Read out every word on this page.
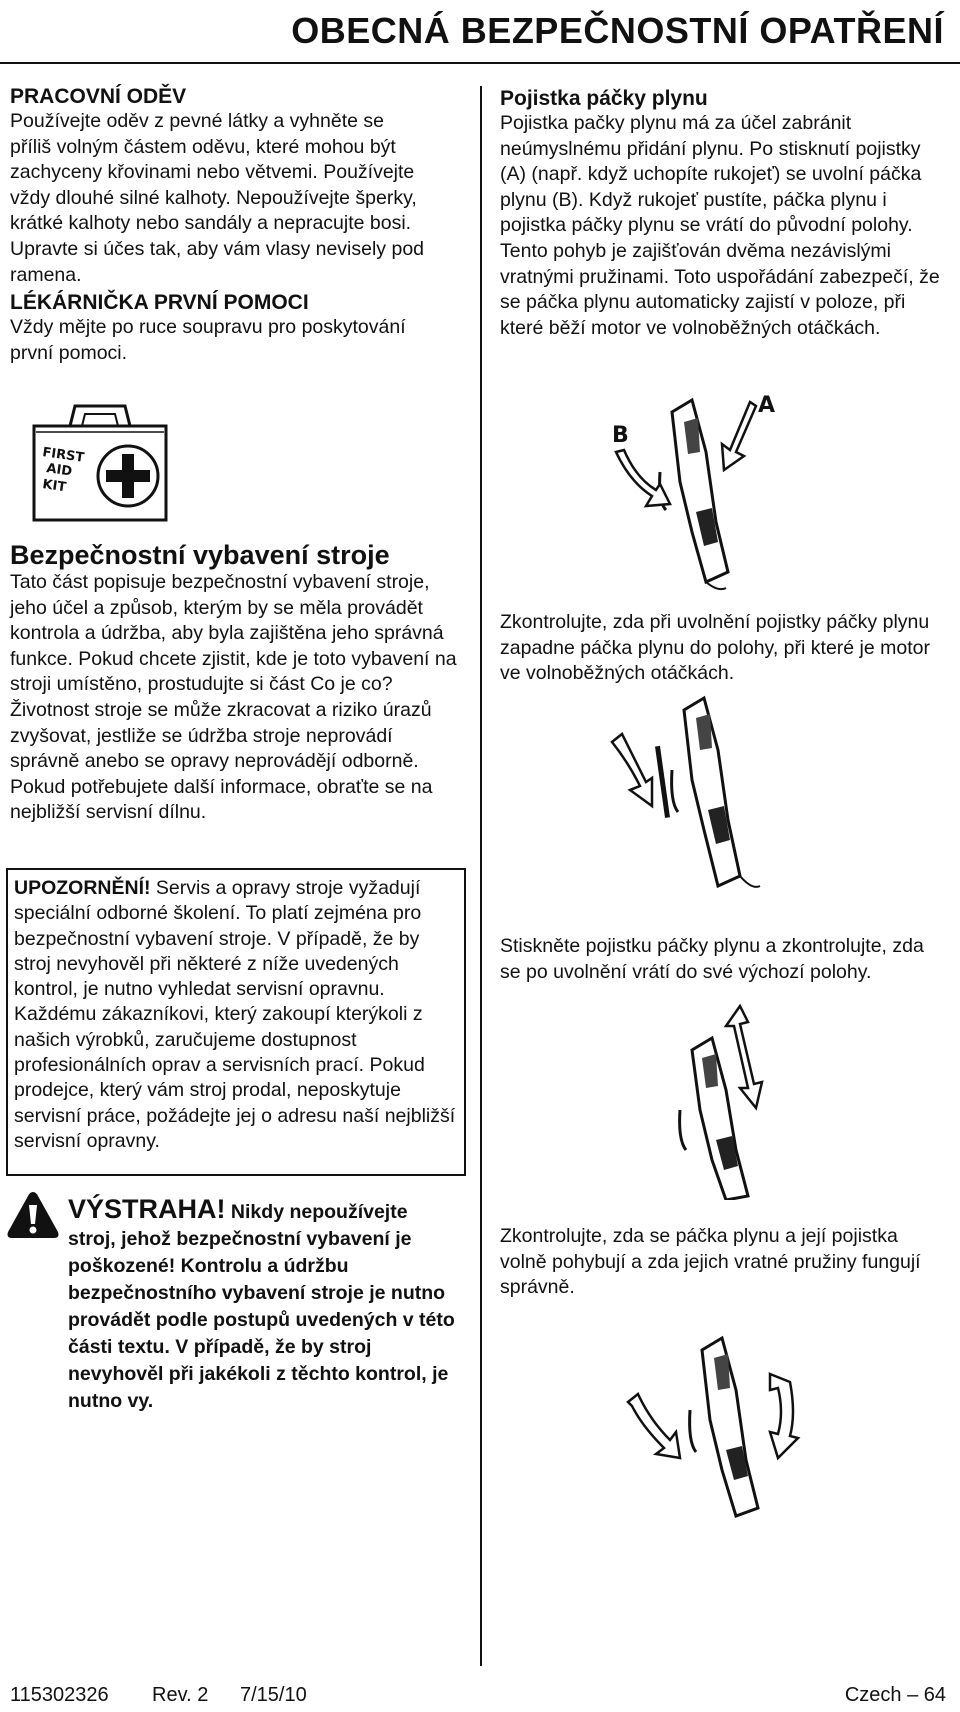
OBECNÁ BEZPEČNOSTNÍ OPATŘENÍ
PRACOVNÍ ODĚV

Používejte oděv z pevné látky a vyhněte se příliš volným částem oděvu, které mohou být zachyceny křovinami nebo větvemi. Používejte vždy dlouhé silné kalhoty. Nepoužívejte šperky, krátké kalhoty nebo sandály a nepracujte bosi. Upravte si účes tak, aby vám vlasy nevisely pod ramena.

LÉKÁRNIČKA PRVNÍ POMOCI

Vždy mějte po ruce soupravu pro poskytování první pomoci.

FIRST
AID
KIT
Bezpečnostní vybavení stroje

Tato část popisuje bezpečnostní vybavení stroje, jeho účel a způsob, kterým by se měla provádět kontrola a údržba, aby byla zajištěna jeho správná funkce. Pokud chcete zjistit, kde je toto vybavení na stroji umístěno, prostudujte si část Co je co? Životnost stroje se může zkracovat a riziko úrazů zvyšovat, jestliže se údržba stroje neprovádí správně anebo se opravy neprovádějí odborně. Pokud potřebujete další informace, obraťte se na nejbližší servisní dílnu.

UPOZORNĚNÍ! Servis a opravy stroje vyžadují speciální odborné školení. To platí zejména pro bezpečnostní vybavení stroje. V případě, že by stroj nevyhověl při některé z níže uvedených kontrol, je nutno vyhledat servisní opravnu. Každému zákazníkovi, který zakoupí kterýkoli z našich výrobků, zaručujeme dostupnost profesionálních oprav a servisních prací. Pokud prodejce, který vám stroj prodal, neposkytuje servisní práce, požádejte jej o adresu naší nejbližší servisní opravny.

VÝSTRAHA! Nikdy nepoužívejte stroj, jehož bezpečnostní vybavení je poškozené! Kontrolu a údržbu bezpečnostního vybavení stroje je nutno provádět podle postupů uvedených v této části textu. V případě, že by stroj nevyhověl při jakékoli z těchto kontrol, je nutno vy.

Pojistka páčky plynu

Pojistka pačky plynu má za účel zabránit neúmyslnému přidání plynu. Po stisknutí pojistky (A) (např. když uchopíte rukojeť) se uvolní páčka plynu (B). Když rukojeť pustíte, páčka plynu i pojistka páčky plynu se vrátí do původní polohy. Tento pohyb je zajišťován dvěma nezávislými vratnými pružinami. Toto uspořádání zabezpečí, že se páčka plynu automaticky zajistí v poloze, při které běží motor ve volnoběžných otáčkách.

B
A

Zkontrolujte, zda při uvolnění pojistky páčky plynu zapadne páčka plynu do polohy, při které je motor ve volnoběžných otáčkách.

Stiskněte pojistku páčky plynu a zkontrolujte, zda se po uvolnění vrátí do své výchozí polohy.

Zkontrolujte, zda se páčka plynu a její pojistka volně pohybují a zda jejich vratné pružiny fungují správně.

115302326 Rev. 2 7/15/10	Czech – 64
